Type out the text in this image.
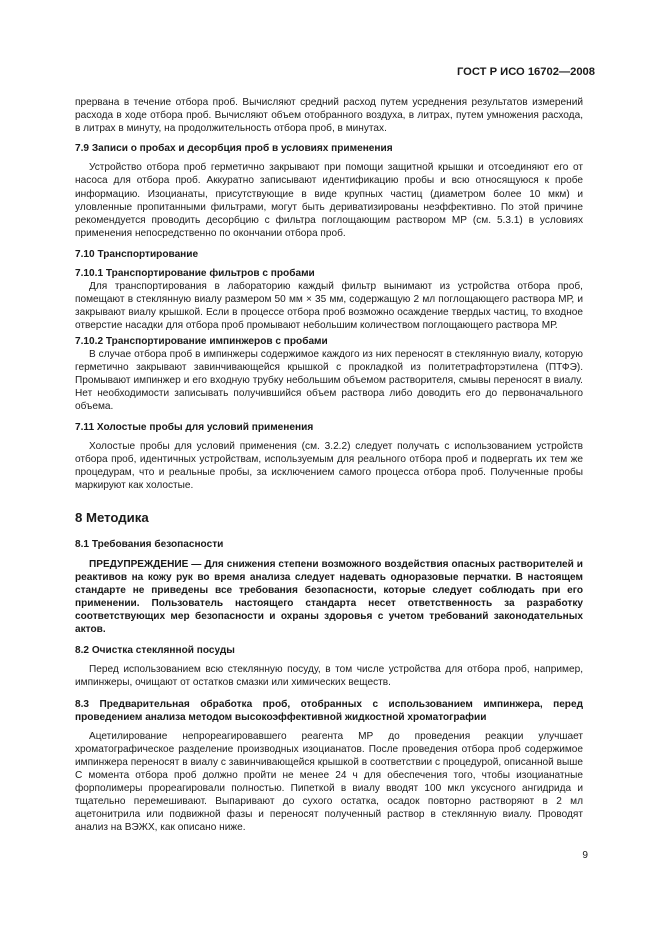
ГОСТ Р ИСО 16702—2008

прервана в течение отбора проб. Вычисляют средний расход путем усреднения результатов измерений расхода в ходе отбора проб. Вычисляют объем отобранного воздуха, в литрах, путем умножения расхода, в литрах в минуту, на продолжительность отбора проб, в минутах.

7.9 Записи о пробах и десорбция проб в условиях применения

Устройство отбора проб герметично закрывают при помощи защитной крышки и отсоединяют его от насоса для отбора проб. Аккуратно записывают идентификацию пробы и всю относящуюся к пробе информацию. Изоцианаты, присутствующие в виде крупных частиц (диаметром более 10 мкм) и уловленные пропитанными фильтрами, могут быть дериватизированы неэффективно. По этой причине рекомендуется проводить десорбцию с фильтра поглощающим раствором МР (см. 5.3.1) в условиях применения непосредственно по окончании отбора проб.

7.10 Транспортирование

7.10.1 Транспортирование фильтров с пробами

Для транспортирования в лабораторию каждый фильтр вынимают из устройства отбора проб, помещают в стеклянную виалу размером 50 мм × 35 мм, содержащую 2 мл поглощающего раствора МР, и закрывают виалу крышкой. Если в процессе отбора проб возможно осаждение твердых частиц, то входное отверстие насадки для отбора проб промывают небольшим количеством поглощающего раствора МР.

7.10.2 Транспортирование импинжеров с пробами

В случае отбора проб в импинжеры содержимое каждого из них переносят в стеклянную виалу, которую герметично закрывают завинчивающейся крышкой с прокладкой из политетрафторэтилена (ПТФЭ). Промывают импинжер и его входную трубку небольшим объемом растворителя, смывы переносят в виалу. Нет необходимости записывать получившийся объем раствора либо доводить его до первоначального объема.

7.11 Холостые пробы для условий применения

Холостые пробы для условий применения (см. 3.2.2) следует получать с использованием устройств отбора проб, идентичных устройствам, используемым для реального отбора проб и подвергать их тем же процедурам, что и реальные пробы, за исключением самого процесса отбора проб. Полученные пробы маркируют как холостые.

8 Методика

8.1 Требования безопасности

ПРЕДУПРЕЖДЕНИЕ — Для снижения степени возможного воздействия опасных растворителей и реактивов на кожу рук во время анализа следует надевать одноразовые перчатки. В настоящем стандарте не приведены все требования безопасности, которые следует соблюдать при его применении. Пользователь настоящего стандарта несет ответственность за разработку соответствующих мер безопасности и охраны здоровья с учетом требований законодательных актов.

8.2 Очистка стеклянной посуды

Перед использованием всю стеклянную посуду, в том числе устройства для отбора проб, например, импинжеры, очищают от остатков смазки или химических веществ.

8.3 Предварительная обработка проб, отобранных с использованием импинжера, перед проведением анализа методом высокоэффективной жидкостной хроматографии

Ацетилирование непрореагировавшего реагента МР до проведения реакции улучшает хроматографическое разделение производных изоцианатов. После проведения отбора проб содержимое импинжера переносят в виалу с завинчивающейся крышкой в соответствии с процедурой, описанной выше С момента отбора проб должно пройти не менее 24 ч для обеспечения того, чтобы изоцианатные форполимеры прореагировали полностью. Пипеткой в виалу вводят 100 мкл уксусного ангидрида и тщательно перемешивают. Выпаривают до сухого остатка, осадок повторно растворяют в 2 мл ацетонитрила или подвижной фазы и переносят полученный раствор в стеклянную виалу. Проводят анализ на ВЭЖХ, как описано ниже.

9
